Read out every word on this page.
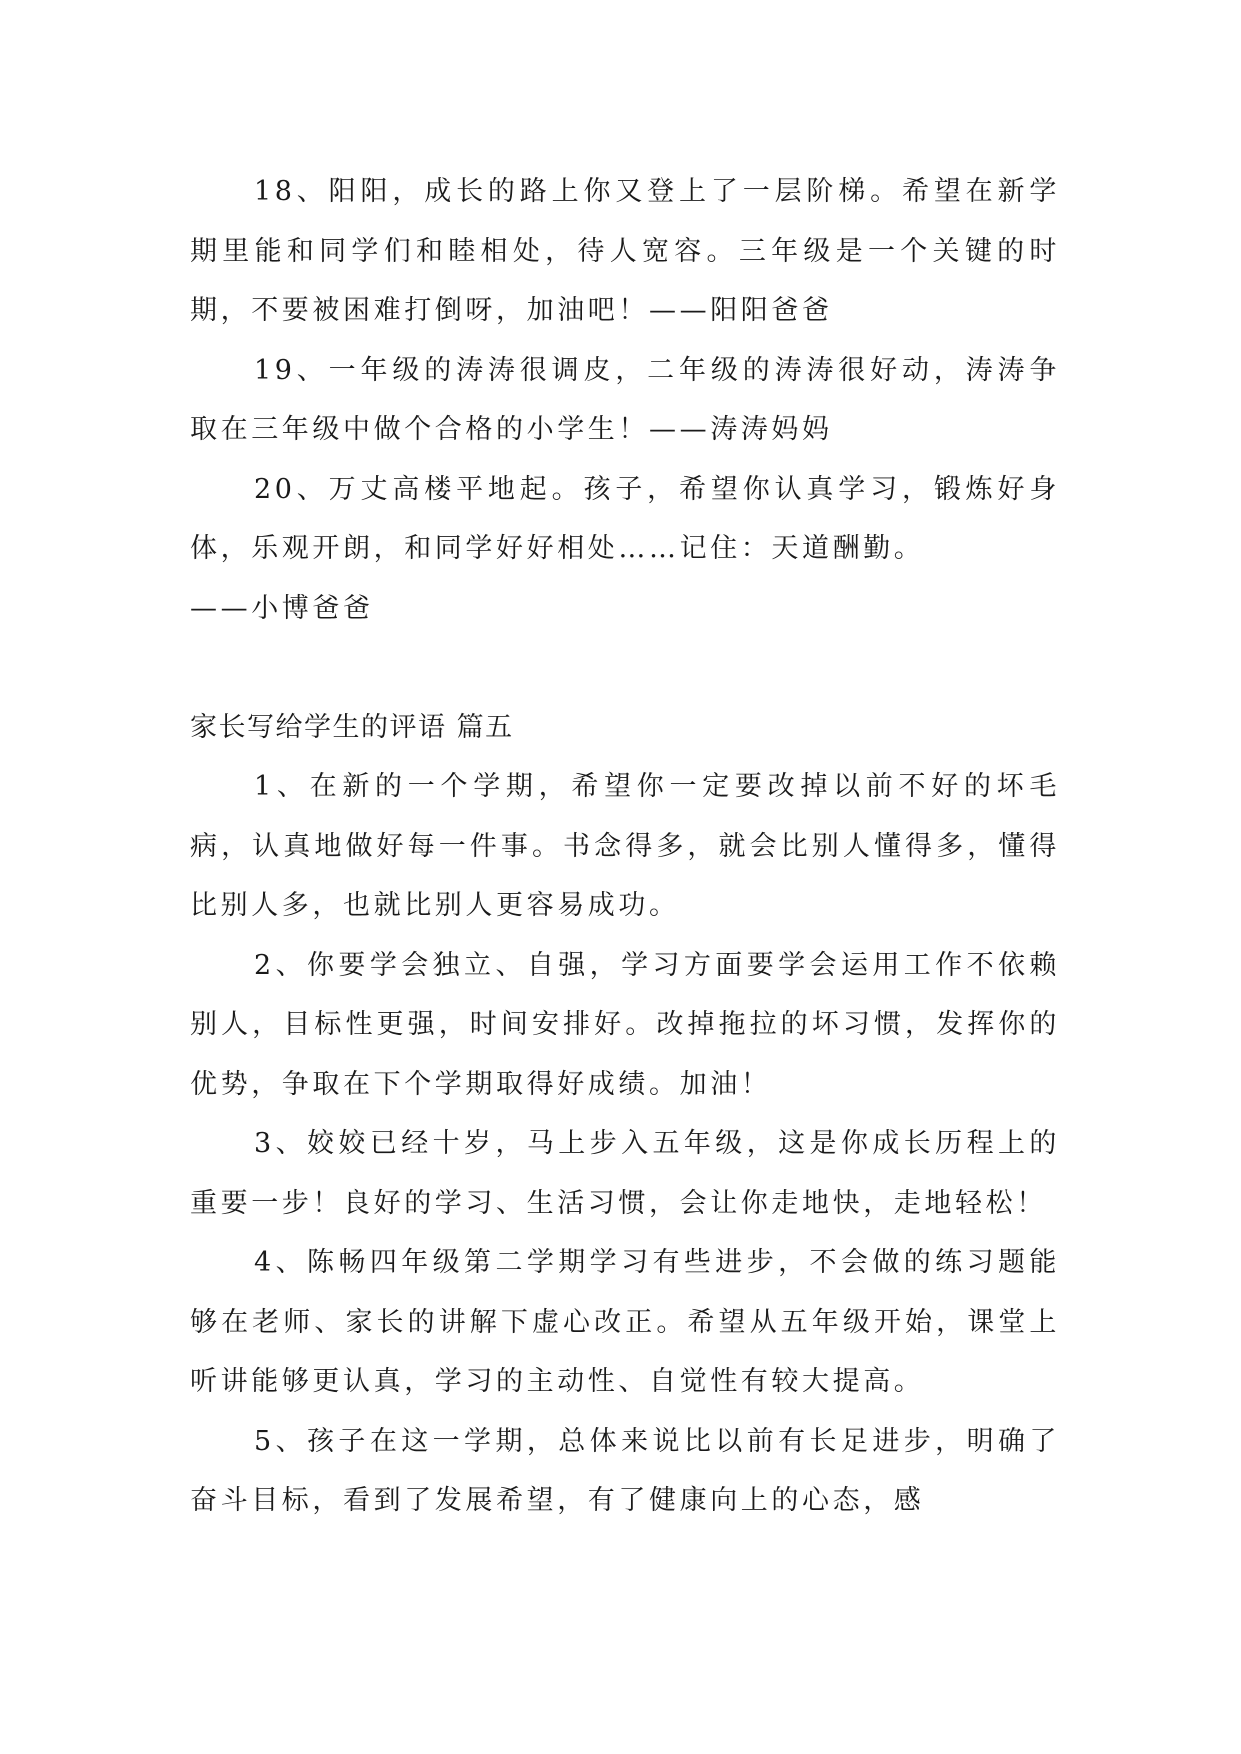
18、阳阳，成长的路上你又登上了一层阶梯。希望在新学期里能和同学们和睦相处，待人宽容。三年级是一个关键的时期，不要被困难打倒呀，加油吧！——阳阳爸爸

19、一年级的涛涛很调皮，二年级的涛涛很好动，涛涛争取在三年级中做个合格的小学生！——涛涛妈妈

20、万丈高楼平地起。孩子，希望你认真学习，锻炼好身体，乐观开朗，和同学好好相处……记住：天道酬勤。

——小博爸爸

家长写给学生的评语 篇五

1、在新的一个学期，希望你一定要改掉以前不好的坏毛病，认真地做好每一件事。书念得多，就会比别人懂得多，懂得比别人多，也就比别人更容易成功。

2、你要学会独立、自强，学习方面要学会运用工作不依赖别人，目标性更强，时间安排好。改掉拖拉的坏习惯，发挥你的优势，争取在下个学期取得好成绩。加油！

3、姣姣已经十岁，马上步入五年级，这是你成长历程上的重要一步！良好的学习、生活习惯，会让你走地快，走地轻松！

4、陈畅四年级第二学期学习有些进步，不会做的练习题能够在老师、家长的讲解下虚心改正。希望从五年级开始，课堂上听讲能够更认真，学习的主动性、自觉性有较大提高。

5、孩子在这一学期，总体来说比以前有长足进步，明确了奋斗目标，看到了发展希望，有了健康向上的心态，感
